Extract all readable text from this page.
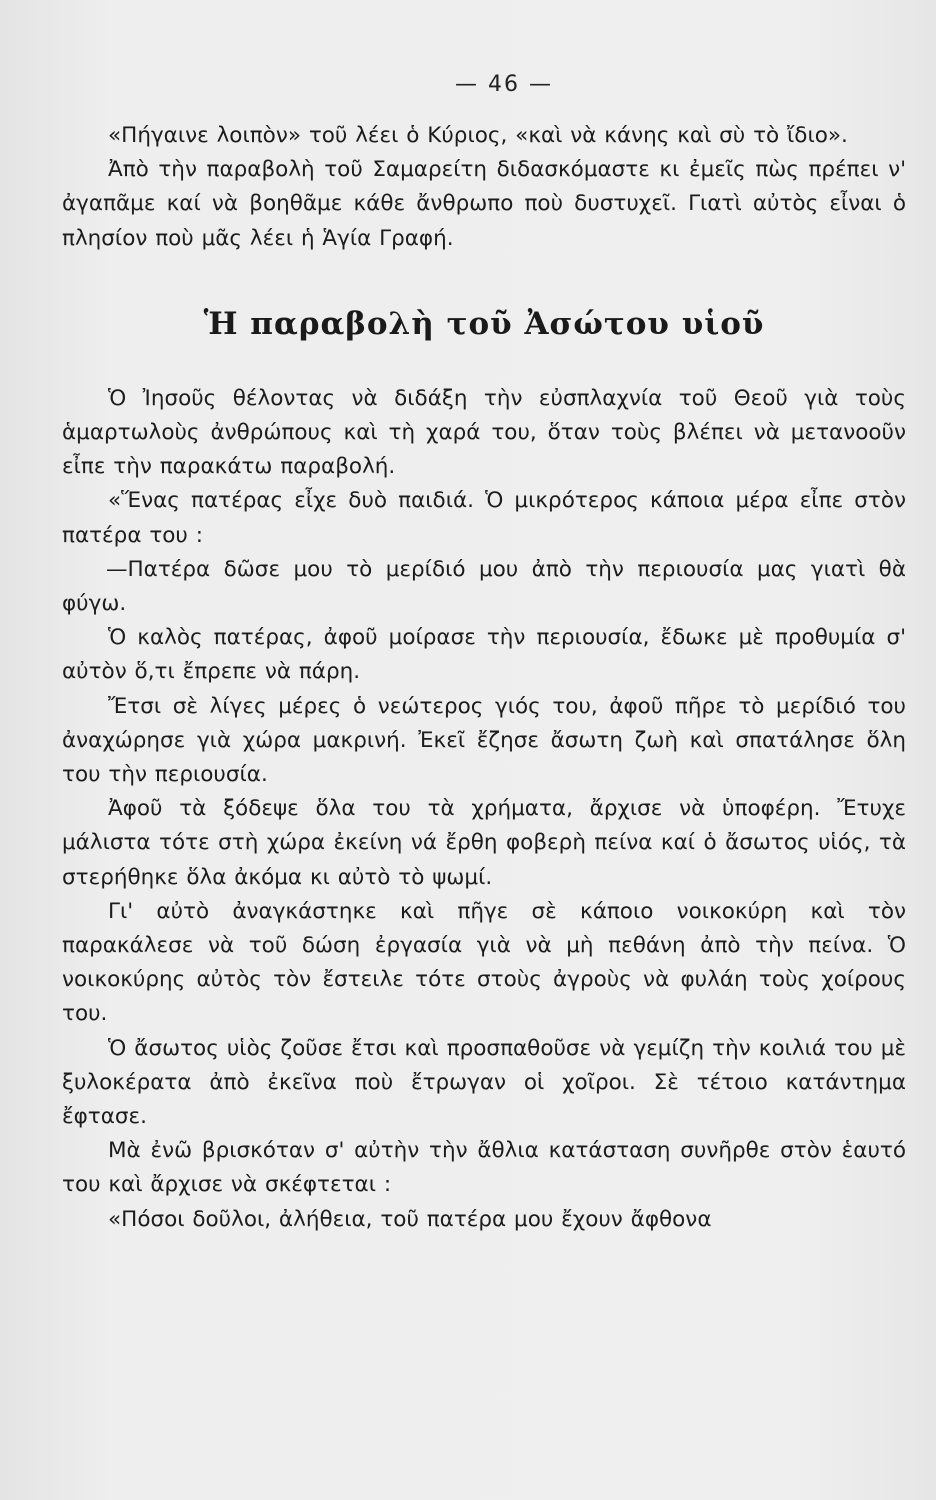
— 46 —

«Πήγαινε λοιπὸν» τοῦ λέει ὁ Κύριος, «καὶ νὰ κάνης καὶ σὺ τὸ ἴδιο».

Ἀπὸ τὴν παραβολὴ τοῦ Σαμαρείτη διδασκόμαστε κι ἐμεῖς πὼς πρέπει ν' ἀγαπᾶμε καί νὰ βοηθᾶμε κάθε ἄνθρωπο ποὺ δυστυχεῖ. Γιατὶ αὐτὸς εἶναι ὁ πλησίον ποὺ μᾶς λέει ἡ Ἁγία Γραφή.

Ἡ παραβολὴ τοῦ Ἀσώτου υἱοῦ

Ὁ Ἰησοῦς θέλοντας νὰ διδάξη τὴν εὐσπλαχνία τοῦ Θεοῦ γιὰ τοὺς ἁμαρτωλοὺς ἀνθρώπους καὶ τὴ χαρά του, ὅταν τοὺς βλέπει νὰ μετανοοῦν εἶπε τὴν παρακάτω παραβολή.

«Ἕνας πατέρας εἶχε δυὸ παιδιά. Ὁ μικρότερος κάποια μέρα εἶπε στὸν πατέρα του :

—Πατέρα δῶσε μου τὸ μερίδιό μου ἀπὸ τὴν περιουσία μας γιατὶ θὰ φύγω.

Ὁ καλὸς πατέρας, ἀφοῦ μοίρασε τὴν περιουσία, ἔδωκε μὲ προθυμία σ' αὐτὸν ὅ,τι ἔπρεπε νὰ πάρη.

Ἔτσι σὲ λίγες μέρες ὁ νεώτερος γιός του, ἀφοῦ πῆρε τὸ μερίδιό του ἀναχώρησε γιὰ χώρα μακρινή. Ἐκεῖ ἔζησε ἄσωτη ζωὴ καὶ σπατάλησε ὅλη του τὴν περιουσία.

Ἀφοῦ τὰ ξόδεψε ὅλα του τὰ χρήματα, ἄρχισε νὰ ὑποφέρη. Ἔτυχε μάλιστα τότε στὴ χώρα ἐκείνη νά ἔρθη φοβερὴ πείνα καί ὁ ἄσωτος υἱός, τὰ στερήθηκε ὅλα ἀκόμα κι αὐτὸ τὸ ψωμί.

Γι' αὐτὸ ἀναγκάστηκε καὶ πῆγε σὲ κάποιο νοικοκύρη καὶ τὸν παρακάλεσε νὰ τοῦ δώση ἐργασία γιὰ νὰ μὴ πεθάνη ἀπὸ τὴν πείνα. Ὁ νοικοκύρης αὐτὸς τὸν ἔστειλε τότε στοὺς ἀγροὺς νὰ φυλάη τοὺς χοίρους του.

Ὁ ἄσωτος υἱὸς ζοῦσε ἔτσι καὶ προσπαθοῦσε νὰ γεμίζη τὴν κοιλιά του μὲ ξυλοκέρατα ἀπὸ ἐκεῖνα ποὺ ἔτρωγαν οἱ χοῖροι. Σὲ τέτοιο κατάντημα ἔφτασε.

Μὰ ἐνῶ βρισκόταν σ' αὐτὴν τὴν ἄθλια κατάσταση συνῆρθε στὸν ἑαυτό του καὶ ἄρχισε νὰ σκέφτεται :

«Πόσοι δοῦλοι, ἀλήθεια, τοῦ πατέρα μου ἔχουν ἄφθονα
